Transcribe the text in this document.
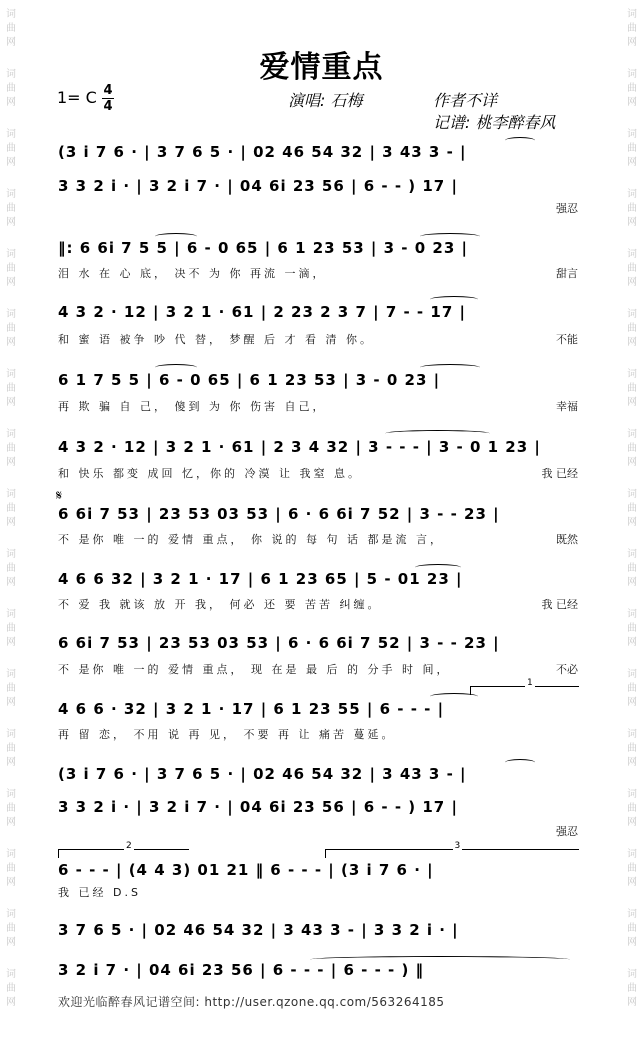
词
曲
网
词
曲
网
词
曲
网
词
曲
网
词
曲
网
词
曲
网
词
曲
网
词
曲
网
词
曲
网
词
曲
网
词
曲
网
词
曲
网
词
曲
网
词
曲
网
词
曲
网
词
曲
网
词
曲
网
词
曲
网
词
曲
网
词
曲
网
词
曲
网
词
曲
网
词
曲
网
词
曲
网
词
曲
网
词
曲
网
词
曲
网
词
曲
网
词
曲
网
词
曲
网
词
曲
网
词
曲
网
词
曲
网
词
曲
网
爱情重点
1= C 4
4	演唱: 石梅	作者不详
记谱: 桃李醉春风
𝄋
(3 i 7 6 · | 3 7 6 5 · | 02 46 54 32 | 3 43 3 - |
3 3 2 i · | 3 2 i 7 · | 04 6i 23 56 | 6 - - ) 17 |
‖: 6 6i 7 5 5 | 6 - 0 65 | 6 1 23 53 | 3 - 0 23 |
4 3 2 · 12 | 3 2 1 · 61 | 2 23 2 3 7 | 7 - - 17 |
6 1 7 5 5 | 6 - 0 65 | 6 1 23 53 | 3 - 0 23 |
4 3 2 · 12 | 3 2 1 · 61 | 2 3 4 32 | 3 - - - | 3 - 0 1 23 |
6 6i 7 53 | 23 53 03 53 | 6 · 6 6i 7 52 | 3 - - 23 |
4 6 6 32 | 3 2 1 · 17 | 6 1 23 65 | 5 - 01 23 |
6 6i 7 53 | 23 53 03 53 | 6 · 6 6i 7 52 | 3 - - 23 |
4 6 6 · 32 | 3 2 1 · 17 | 6 1 23 55 | 6 - - - |
(3 i 7 6 · | 3 7 6 5 · | 02 46 54 32 | 3 43 3 - |
3 3 2 i · | 3 2 i 7 · | 04 6i 23 56 | 6 - - ) 17 |
6 - - - | (4 4 3) 01 21 ‖ 6 - - - | (3 i 7 6 · |
3 7 6 5 · | 02 46 54 32 | 3 43 3 - | 3 3 2 i · |
3 2 i 7 · | 04 6i 23 56 | 6 - - - | 6 - - - ) ‖
强忍
泪 水 在 心 底， 决不 为 你 再流 一滴，	甜言
和 蜜 语 被争 吵 代 替， 梦醒 后 才 看 清 你。	不能
再 欺 骗 自 己， 傻到 为 你 伤害 自己，	幸福
和 快乐 都变 成回 忆，你的 冷漠 让 我窒 息。	我 已经
不 是你 唯 一的 爱情 重点， 你 说的 每 句 话 都是流 言，	既然
不 爱 我 就该 放 开 我， 何必 还 要 苦苦 纠缠。	我 已经
不 是你 唯 一的 爱情 重点， 现 在是 最 后 的 分手 时 间，	不必
再 留 恋， 不用 说 再 见， 不要 再 让 痛苦 蔓延。
强忍
我 已经 D.S
1
2	3
欢迎光临醉春风记谱空间: http://user.qzone.qq.com/563264185
